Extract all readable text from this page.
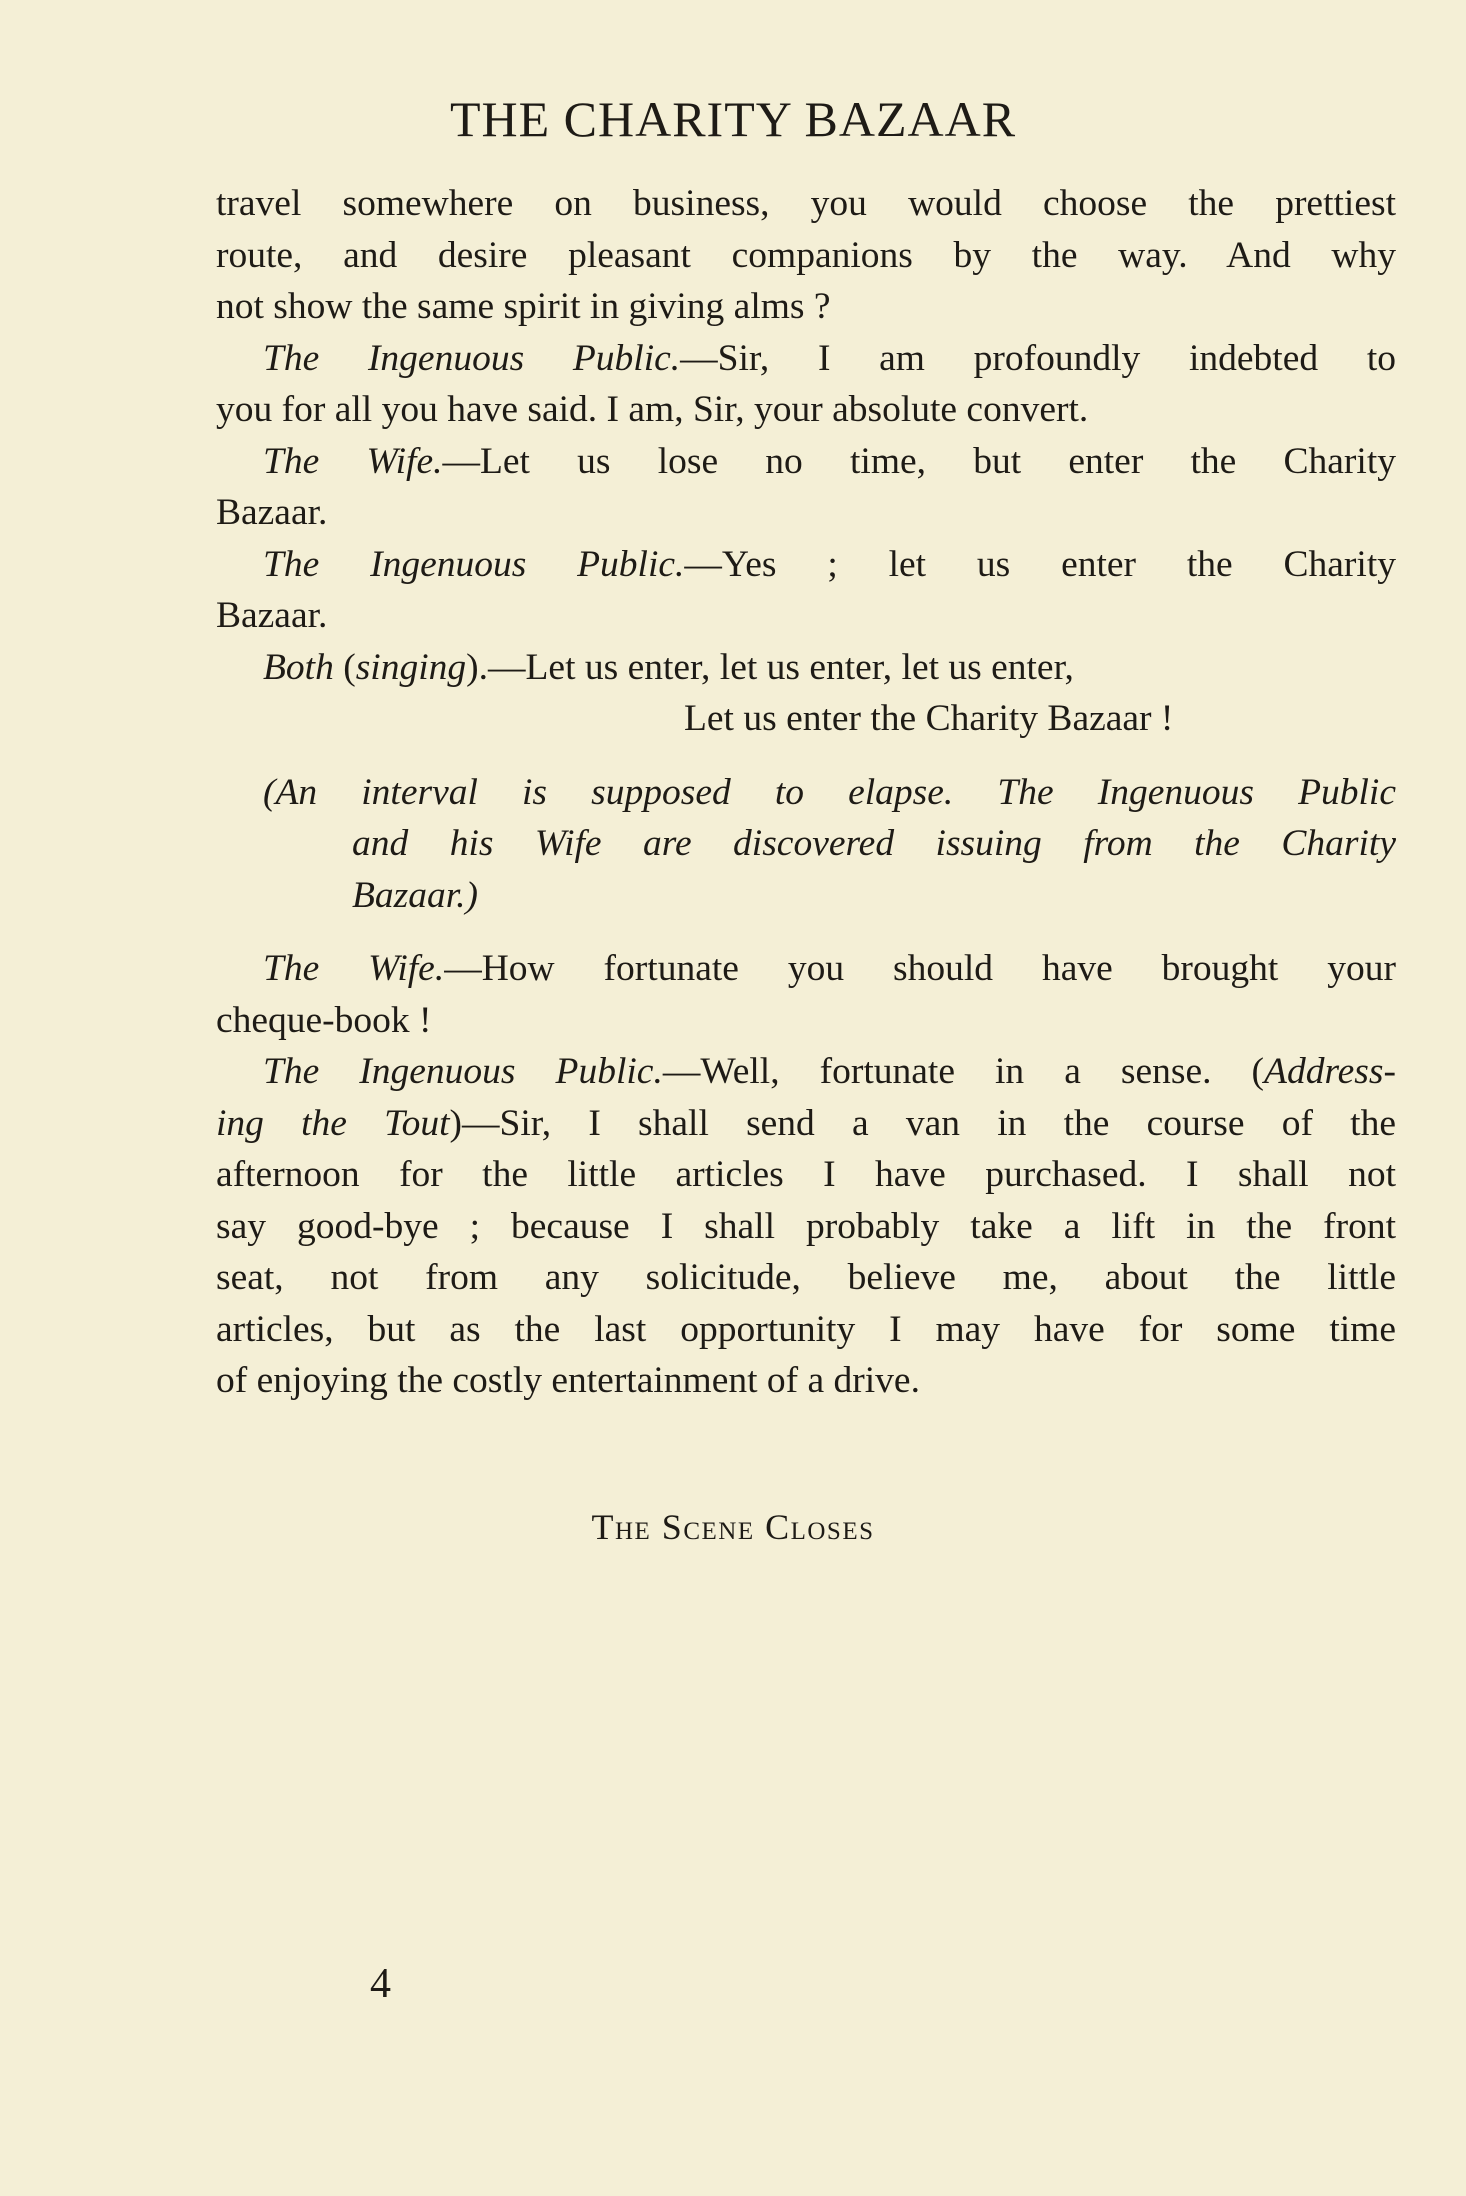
THE CHARITY BAZAAR
travel somewhere on business, you would choose the prettiest
route, and desire pleasant companions by the way. And why
not show the same spirit in giving alms ?
The Ingenuous Public.—Sir, I am profoundly indebted to
you for all you have said. I am, Sir, your absolute convert.
The Wife.—Let us lose no time, but enter the Charity
Bazaar.
The Ingenuous Public.—Yes ; let us enter the Charity
Bazaar.
Both (singing).—Let us enter, let us enter, let us enter,
Let us enter the Charity Bazaar !
(An interval is supposed to elapse. The Ingenuous Public
and his Wife are discovered issuing from the Charity
Bazaar.)
The Wife.—How fortunate you should have brought your
cheque-book !
The Ingenuous Public.—Well, fortunate in a sense. (Address-
ing the Tout)—Sir, I shall send a van in the course of the
afternoon for the little articles I have purchased. I shall not
say good-bye ; because I shall probably take a lift in the front
seat, not from any solicitude, believe me, about the little
articles, but as the last opportunity I may have for some time
of enjoying the costly entertainment of a drive.
The Scene Closes
4
